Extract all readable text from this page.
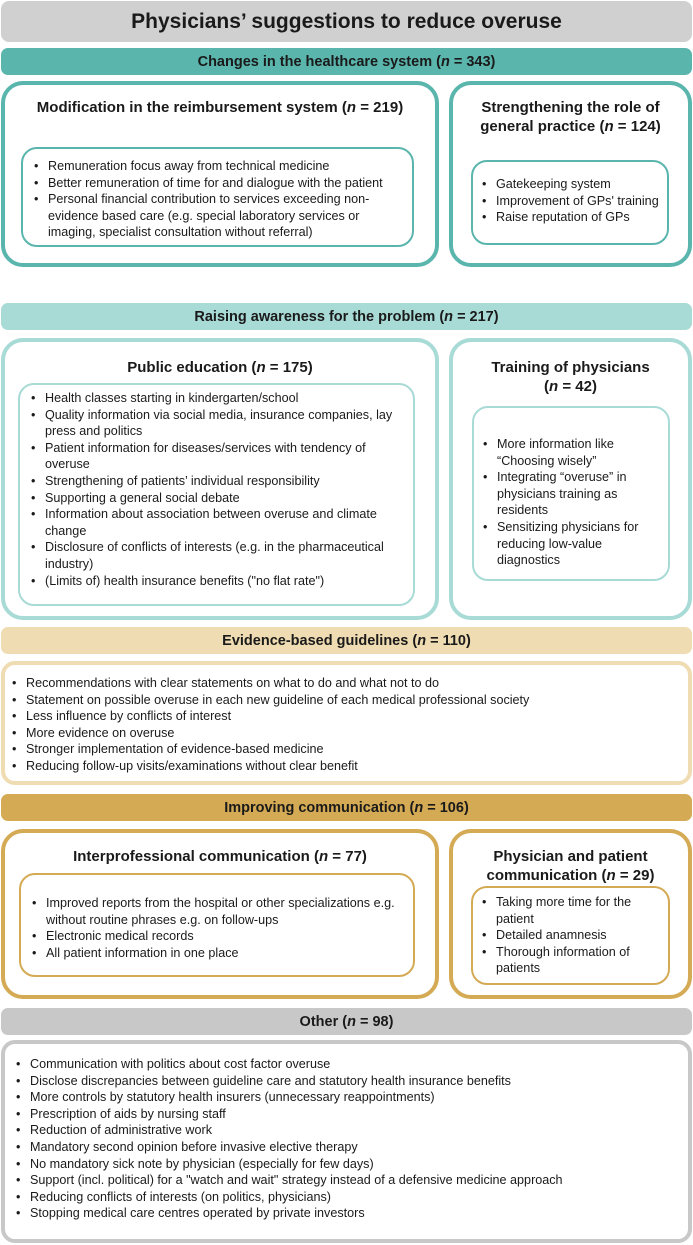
Physicians’ suggestions to reduce overuse
Changes in the healthcare system ( n
= 343 )
Modification in the reimbursement system (n = 219)
• Remuneration focus away from technical medicine
• Better remuneration of time for and dialogue with the patient
• Personal financial contribution to services exceeding non-evidence based care (e.g. special laboratory services or imaging, specialist consultation without referral)
Strengthening the role of general practice (n = 124)
• Gatekeeping system
• Improvement of GPs' training
• Raise reputation of GPs
Raising awareness for the problem ( n
= 217 )
Public education (n = 175)
• Health classes starting in kindergarten/school
• Quality information via social media, insurance companies, lay press and politics
• Patient information for diseases/services with tendency of overuse
• Strengthening of patients’ individual responsibility
• Supporting a general social debate
• Information about association between overuse and climate change
• Disclosure of conflicts of interests (e.g. in the pharmaceutical industry)
• (Limits of) health insurance benefits ("no flat rate")
Training of physicians (n = 42)
• More information like “Choosing wisely”
• Integrating “overuse” in physicians training as residents
• Sensitizing physicians for reducing low-value diagnostics
Evidence-based guidelines ( n
= 110 )
• Recommendations with clear statements on what to do and what not to do
• Statement on possible overuse in each new guideline of each medical professional society
• Less influence by conflicts of interest
• More evidence on overuse
• Stronger implementation of evidence-based medicine
• Reducing follow-up visits/examinations without clear benefit
Improving communication ( n
= 106 )
Interprofessional communication (n = 77)
• Improved reports from the hospital or other specializations e.g. without routine phrases e.g. on follow-ups
• Electronic medical records
• All patient information in one place
Physician and patient communication (n = 29)
• Taking more time for the patient
• Detailed anamnesis
• Thorough information of patients
Other ( n
= 98 )
• Communication with politics about cost factor overuse
• Disclose discrepancies between guideline care and statutory health insurance benefits
• More controls by statutory health insurers (unnecessary reappointments)
• Prescription of aids by nursing staff
• Reduction of administrative work
• Mandatory second opinion before invasive elective therapy
• No mandatory sick note by physician (especially for few days)
• Support (incl. political) for a "watch and wait" strategy instead of a defensive medicine approach
• Reducing conflicts of interests (on politics, physicians)
• Stopping medical care centres operated by private investors
